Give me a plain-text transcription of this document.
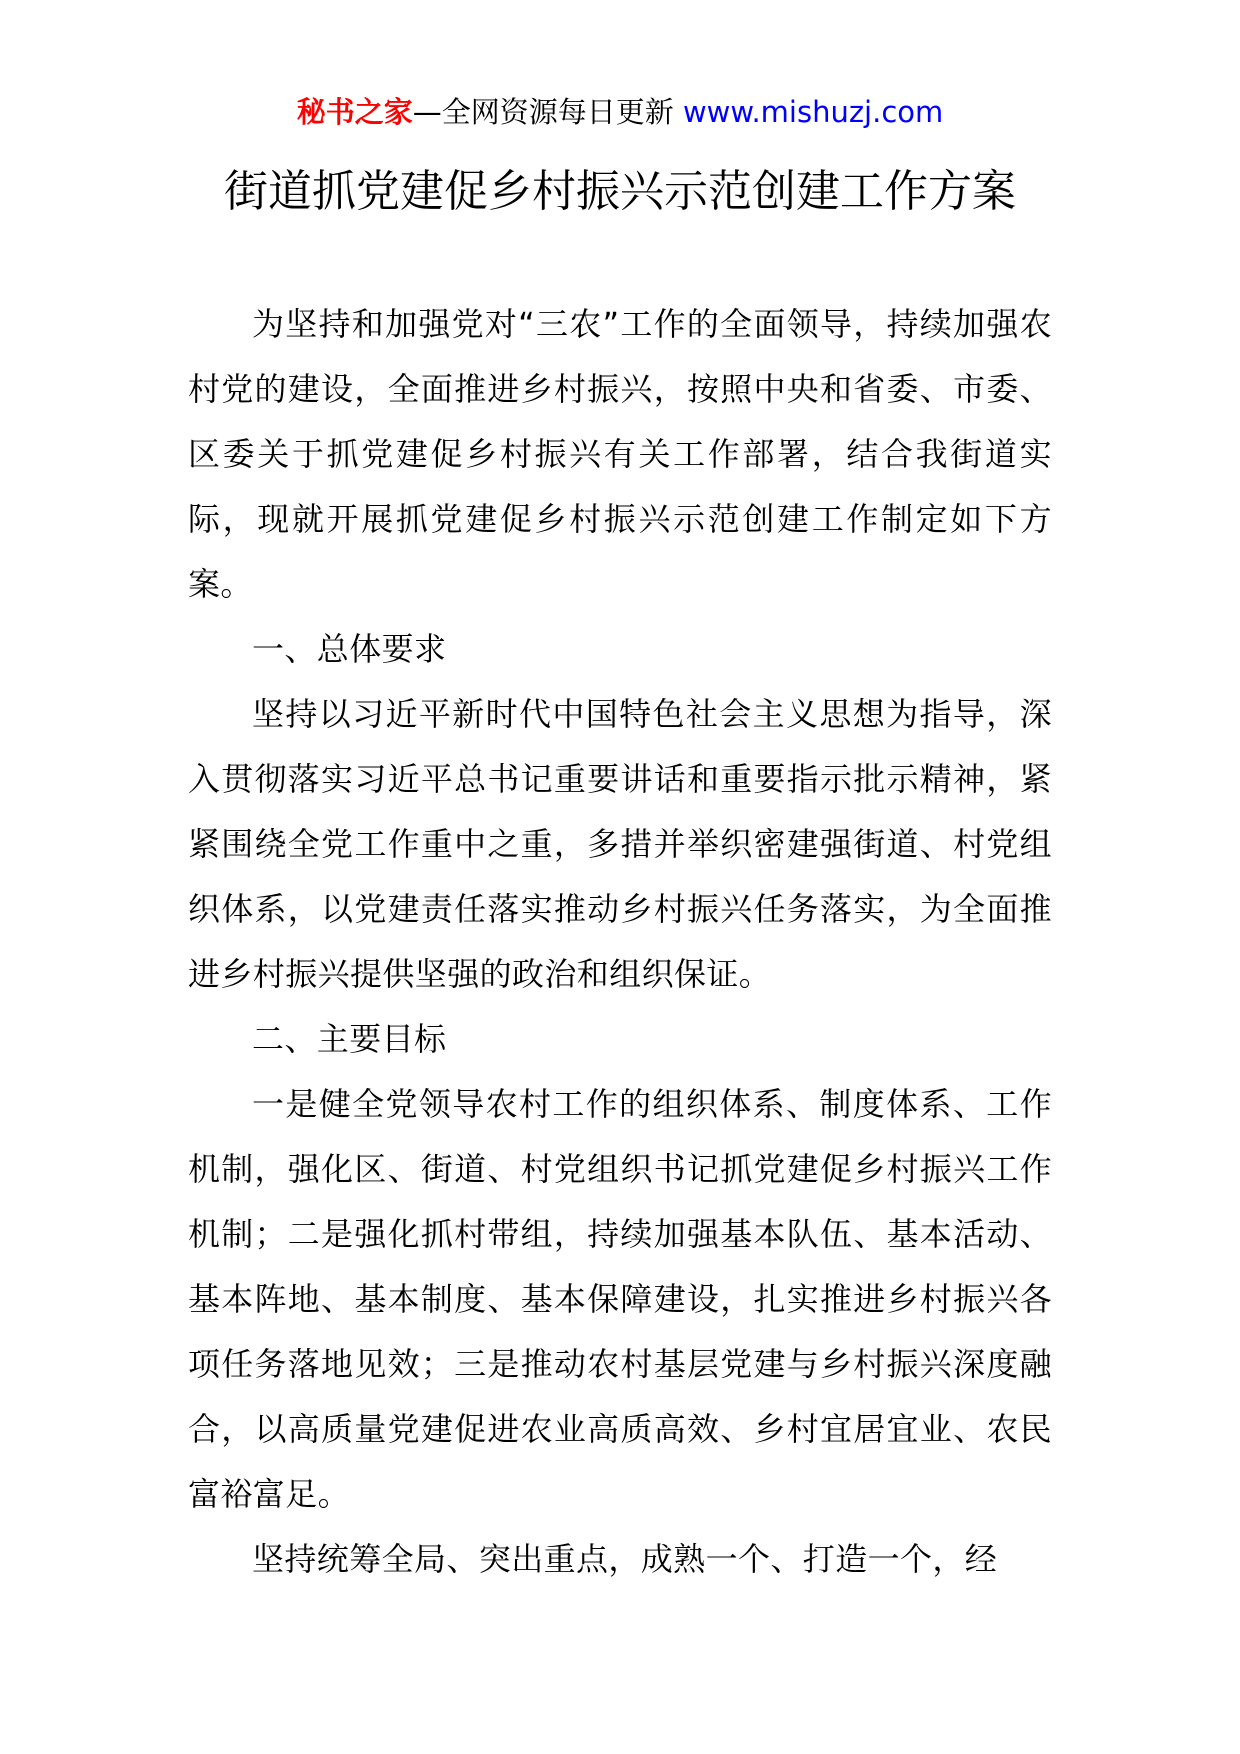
秘书之家—全网资源每日更新 www.mishuzj.com
街道抓党建促乡村振兴示范创建工作方案

为坚持和加强党对“三农”工作的全面领导，持续加强农村党的建设，全面推进乡村振兴，按照中央和省委、市委、区委关于抓党建促乡村振兴有关工作部署，结合我街道实际，现就开展抓党建促乡村振兴示范创建工作制定如下方案。

一、总体要求

坚持以习近平新时代中国特色社会主义思想为指导，深入贯彻落实习近平总书记重要讲话和重要指示批示精神，紧紧围绕全党工作重中之重，多措并举织密建强街道、村党组织体系，以党建责任落实推动乡村振兴任务落实，为全面推进乡村振兴提供坚强的政治和组织保证。

二、主要目标

一是健全党领导农村工作的组织体系、制度体系、工作机制，强化区、街道、村党组织书记抓党建促乡村振兴工作机制；二是强化抓村带组，持续加强基本队伍、基本活动、基本阵地、基本制度、基本保障建设，扎实推进乡村振兴各项任务落地见效；三是推动农村基层党建与乡村振兴深度融合，以高质量党建促进农业高质高效、乡村宜居宜业、农民富裕富足。

坚持统筹全局、突出重点，成熟一个、打造一个，经
